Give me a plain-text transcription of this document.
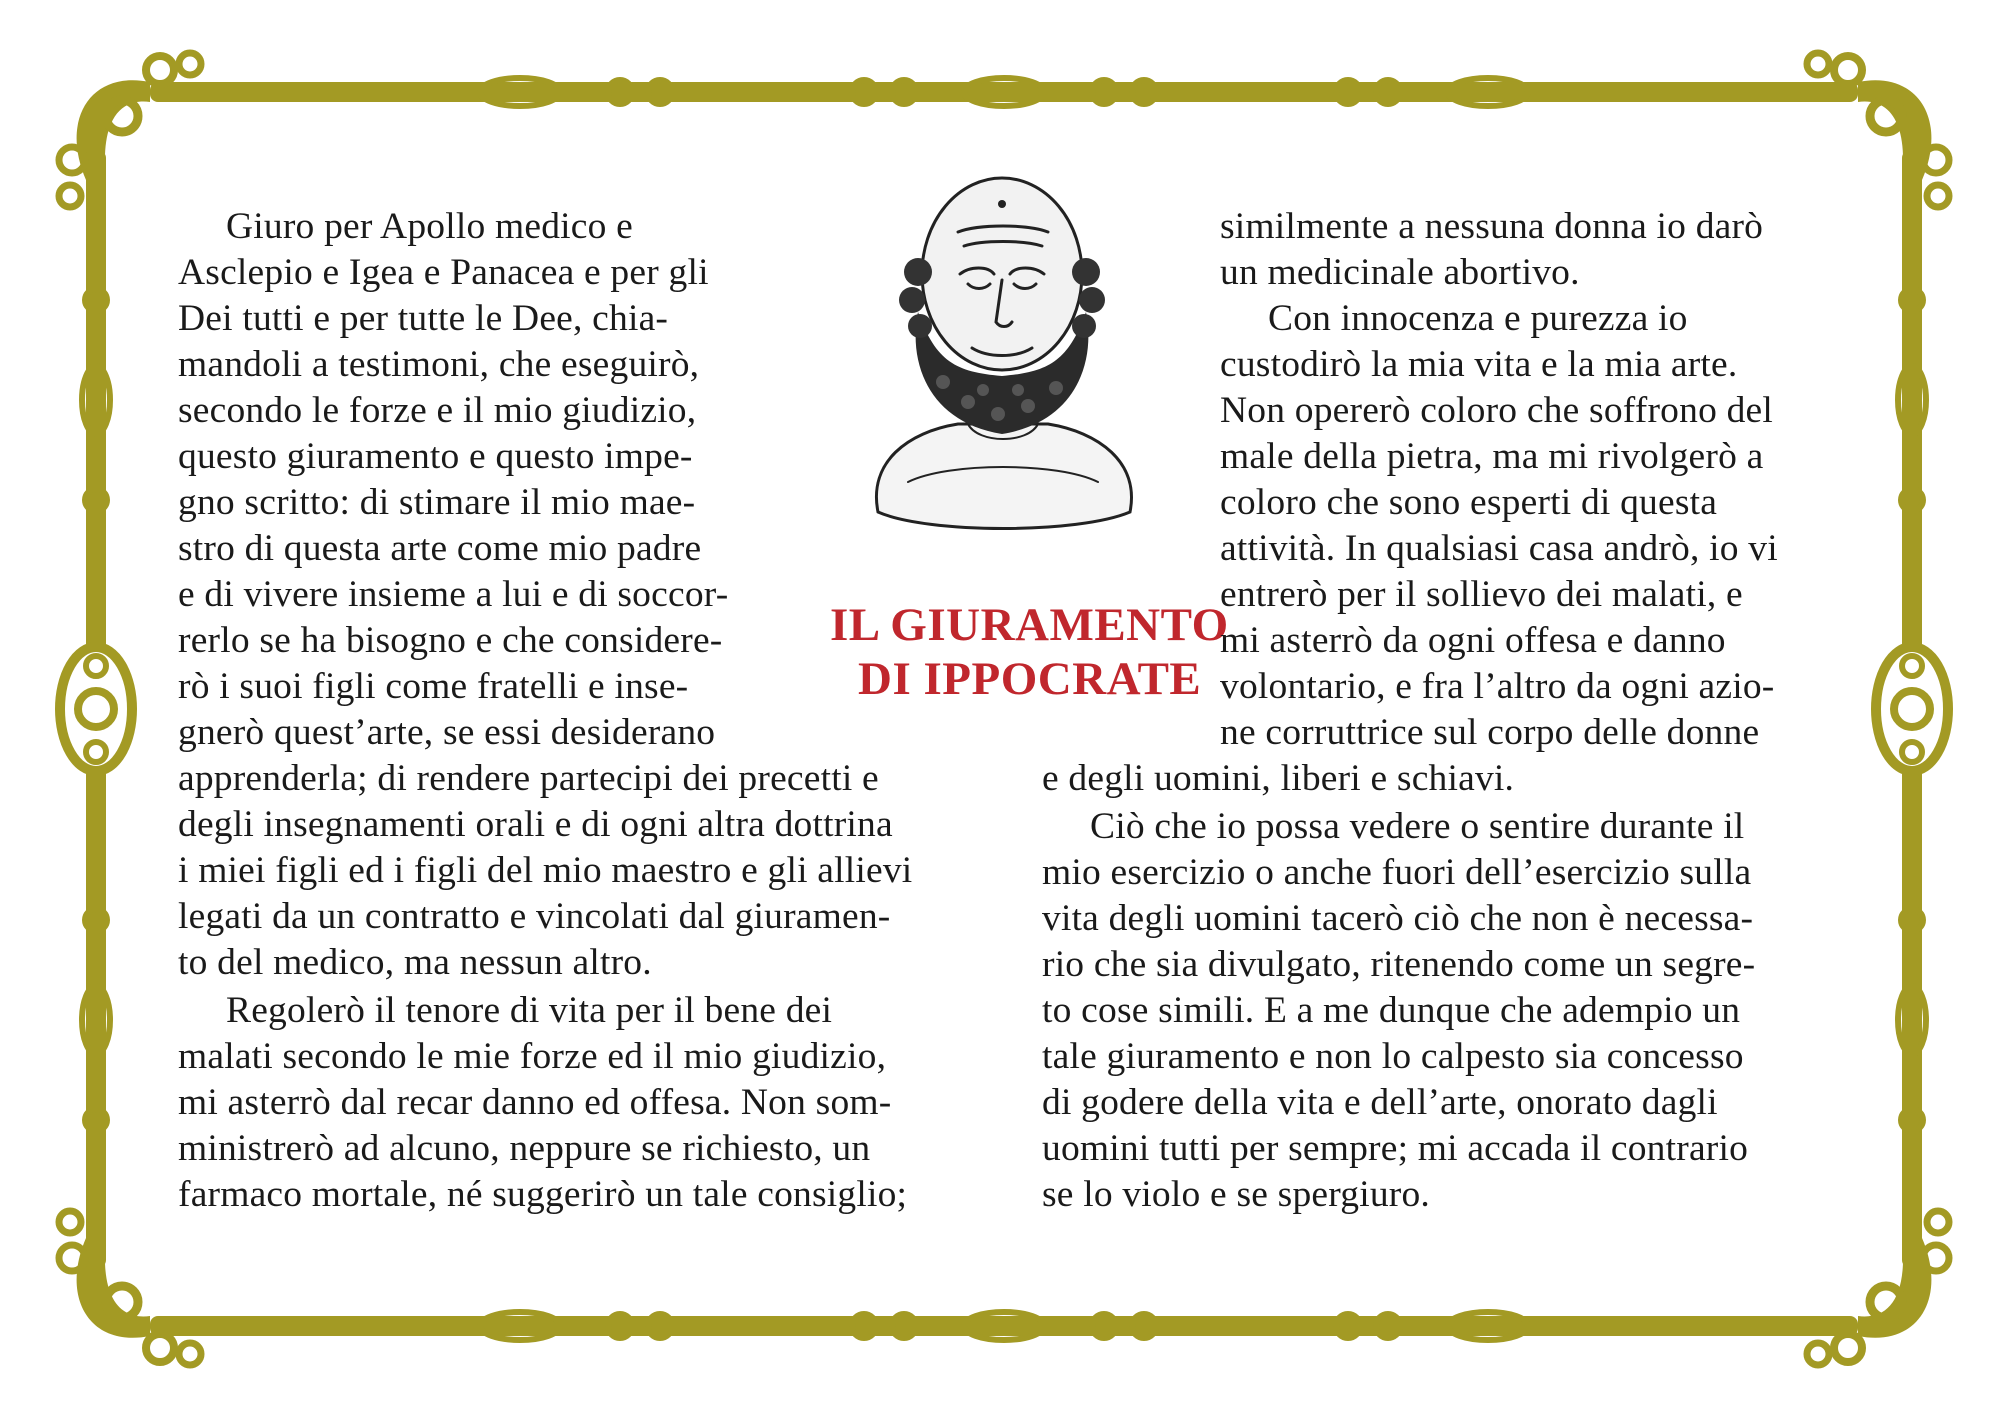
IL GIURAMENTO
DI IPPOCRATE

Giuro per Apollo medico e

Asclepio e Igea e Panacea e per gli

Dei tutti e per tutte le Dee, chia-

mandoli a testimoni, che eseguirò,

secondo le forze e il mio giudizio,

questo giuramento e questo impe-

gno scritto: di stimare il mio mae-

stro di questa arte come mio padre

e di vivere insieme a lui e di soccor-

rerlo se ha bisogno e che considere-

rò i suoi figli come fratelli e inse-

gnerò quest’arte, se essi desiderano

apprenderla; di rendere partecipi dei precetti e

degli insegnamenti orali e di ogni altra dottrina

i miei figli ed i figli del mio maestro e gli allievi

legati da un contratto e vincolati dal giuramen-

to del medico, ma nessun altro.

Regolerò il tenore di vita per il bene dei

malati secondo le mie forze ed il mio giudizio,

mi asterrò dal recar danno ed offesa. Non som-

ministrerò ad alcuno, neppure se richiesto, un

farmaco mortale, né suggerirò un tale consiglio;

similmente a nessuna donna io darò

un medicinale abortivo.

Con innocenza e purezza io

custodirò la mia vita e la mia arte.

Non opererò coloro che soffrono del

male della pietra, ma mi rivolgerò a

coloro che sono esperti di questa

attività. In qualsiasi casa andrò, io vi

entrerò per il sollievo dei malati, e

mi asterrò da ogni offesa e danno

volontario, e fra l’altro da ogni azio-

ne corruttrice sul corpo delle donne

e degli uomini, liberi e schiavi.

Ciò che io possa vedere o sentire durante il

mio esercizio o anche fuori dell’esercizio sulla

vita degli uomini tacerò ciò che non è necessa-

rio che sia divulgato, ritenendo come un segre-

to cose simili. E a me dunque che adempio un

tale giuramento e non lo calpesto sia concesso

di godere della vita e dell’arte, onorato dagli

uomini tutti per sempre; mi accada il contrario

se lo violo e se spergiuro.
